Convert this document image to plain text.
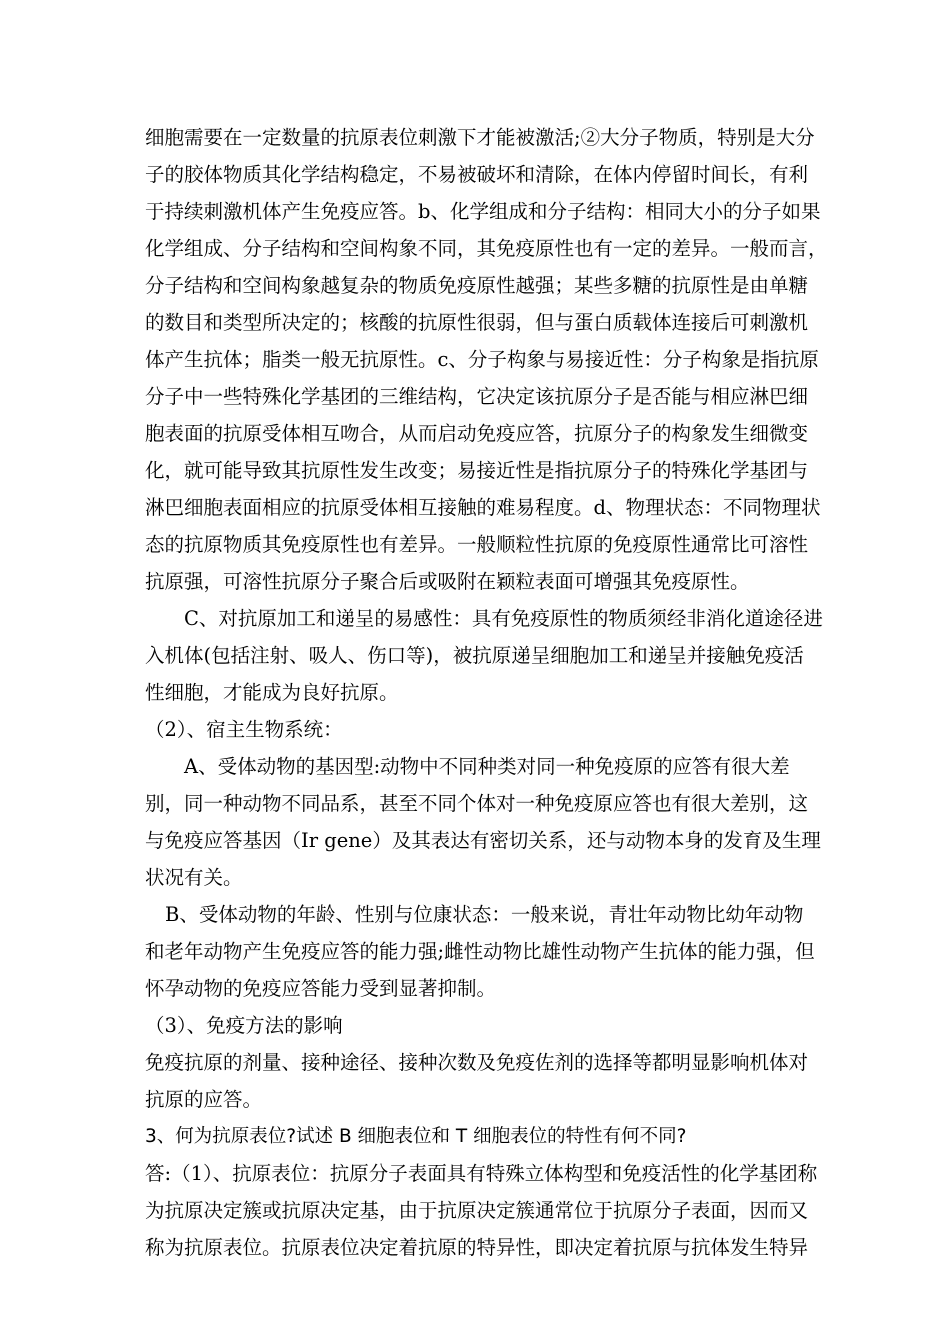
细胞需要在一定数量的抗原表位刺激下才能被激活;②大分子物质，特别是大分
子的胶体物质其化学结构稳定，不易被破坏和清除，在体内停留时间长，有利
于持续刺激机体产生免疫应答。b、化学组成和分子结构：相同大小的分子如果
化学组成、分子结构和空间构象不同，其免疫原性也有一定的差异。一般而言，
分子结构和空间构象越复杂的物质免疫原性越强；某些多糖的抗原性是由单糖
的数目和类型所决定的；核酸的抗原性很弱，但与蛋白质载体连接后可刺激机
体产生抗体；脂类一般无抗原性。c、分子构象与易接近性：分子构象是指抗原
分子中一些特殊化学基团的三维结构，它决定该抗原分子是否能与相应淋巴细
胞表面的抗原受体相互吻合，从而启动免疫应答，抗原分子的构象发生细微变
化，就可能导致其抗原性发生改变；易接近性是指抗原分子的特殊化学基团与
淋巴细胞表面相应的抗原受体相互接触的难易程度。d、物理状态：不同物理状
态的抗原物质其免疫原性也有差异。一般顺粒性抗原的免疫原性通常比可溶性
抗原强，可溶性抗原分子聚合后或吸附在颖粒表面可增强其免疫原性。
C、对抗原加工和递呈的易感性：具有免疫原性的物质须经非消化道途径进
入机体(包括注射、吸人、伤口等)，被抗原递呈细胞加工和递呈并接触免疫活
性细胞，才能成为良好抗原。
（2）、宿主生物系统：
A、受体动物的基因型:动物中不同种类对同一种免疫原的应答有很大差
别，同一种动物不同品系，甚至不同个体对一种免疫原应答也有很大差别，这
与免疫应答基因（Ir gene）及其表达有密切关系，还与动物本身的发育及生理
状况有关。
B、受体动物的年龄、性别与位康状态：一般来说，青壮年动物比幼年动物
和老年动物产生免疫应答的能力强;雌性动物比雄性动物产生抗体的能力强，但
怀孕动物的免疫应答能力受到显著抑制。
（3）、免疫方法的影响
免疫抗原的剂量、接种途径、接种次数及免疫佐剂的选择等都明显影响机体对
抗原的应答。
3、何为抗原表位?试述 B 细胞表位和 T 细胞表位的特性有何不同?
答:（1）、抗原表位：抗原分子表面具有特殊立体构型和免疫活性的化学基团称
为抗原决定簇或抗原决定基，由于抗原决定簇通常位于抗原分子表面，因而又
称为抗原表位。抗原表位决定着抗原的特异性，即决定着抗原与抗体发生特异
